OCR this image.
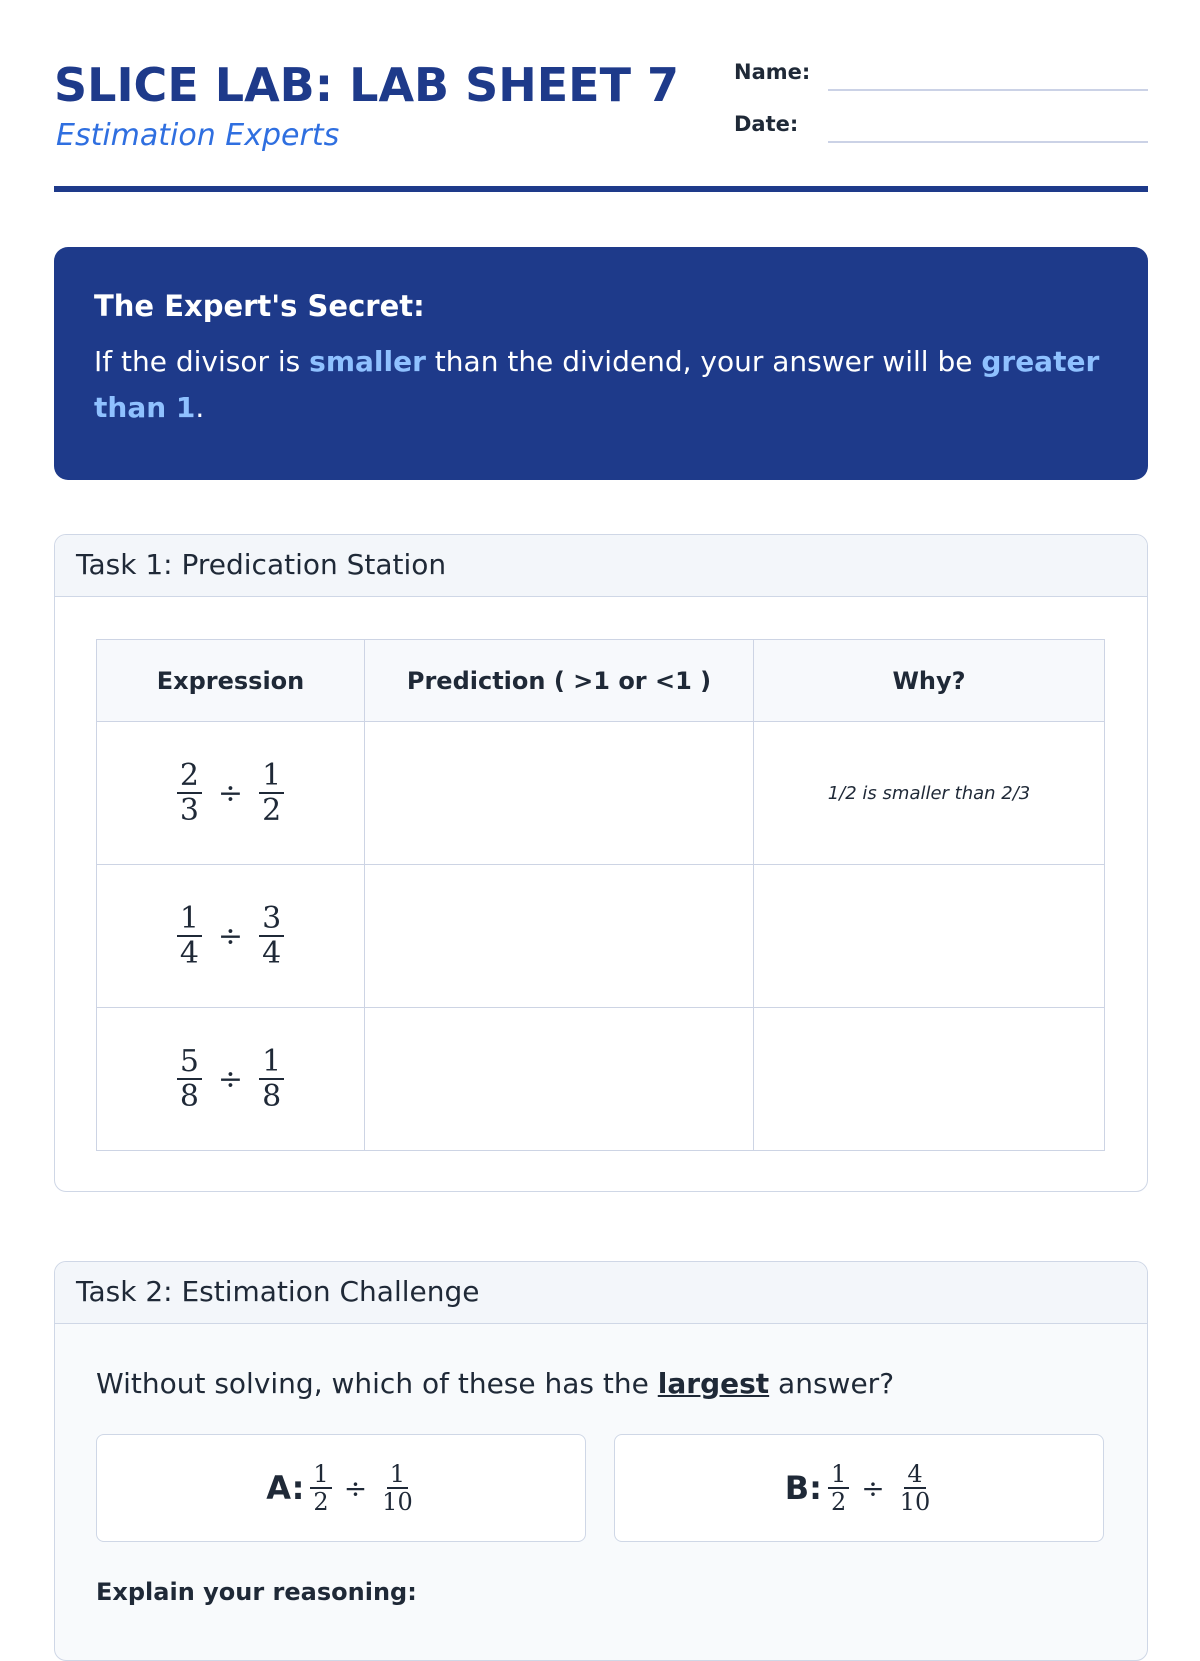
SLICE LAB: LAB SHEET 7
Estimation Experts
Name:
Date:

The Expert's Secret:

If the divisor is smaller than the dividend, your answer will be greater than 1.

Task 1: Predication Station
Expression	Prediction ( >1 or <1 )	Why?

$\frac{2}{3} \div \frac{1}{2}$		1/2 is smaller than 2/3

$\frac{1}{4} \div \frac{3}{4}$

$\frac{5}{8} \div \frac{1}{8}$

Task 2: Estimation Challenge
Without solving, which of these has the largest answer?
A: $\frac{1}{2} \div \frac{1}{10}$	B: $\frac{1}{2} \div \frac{4}{10}$
Explain your reasoning:
